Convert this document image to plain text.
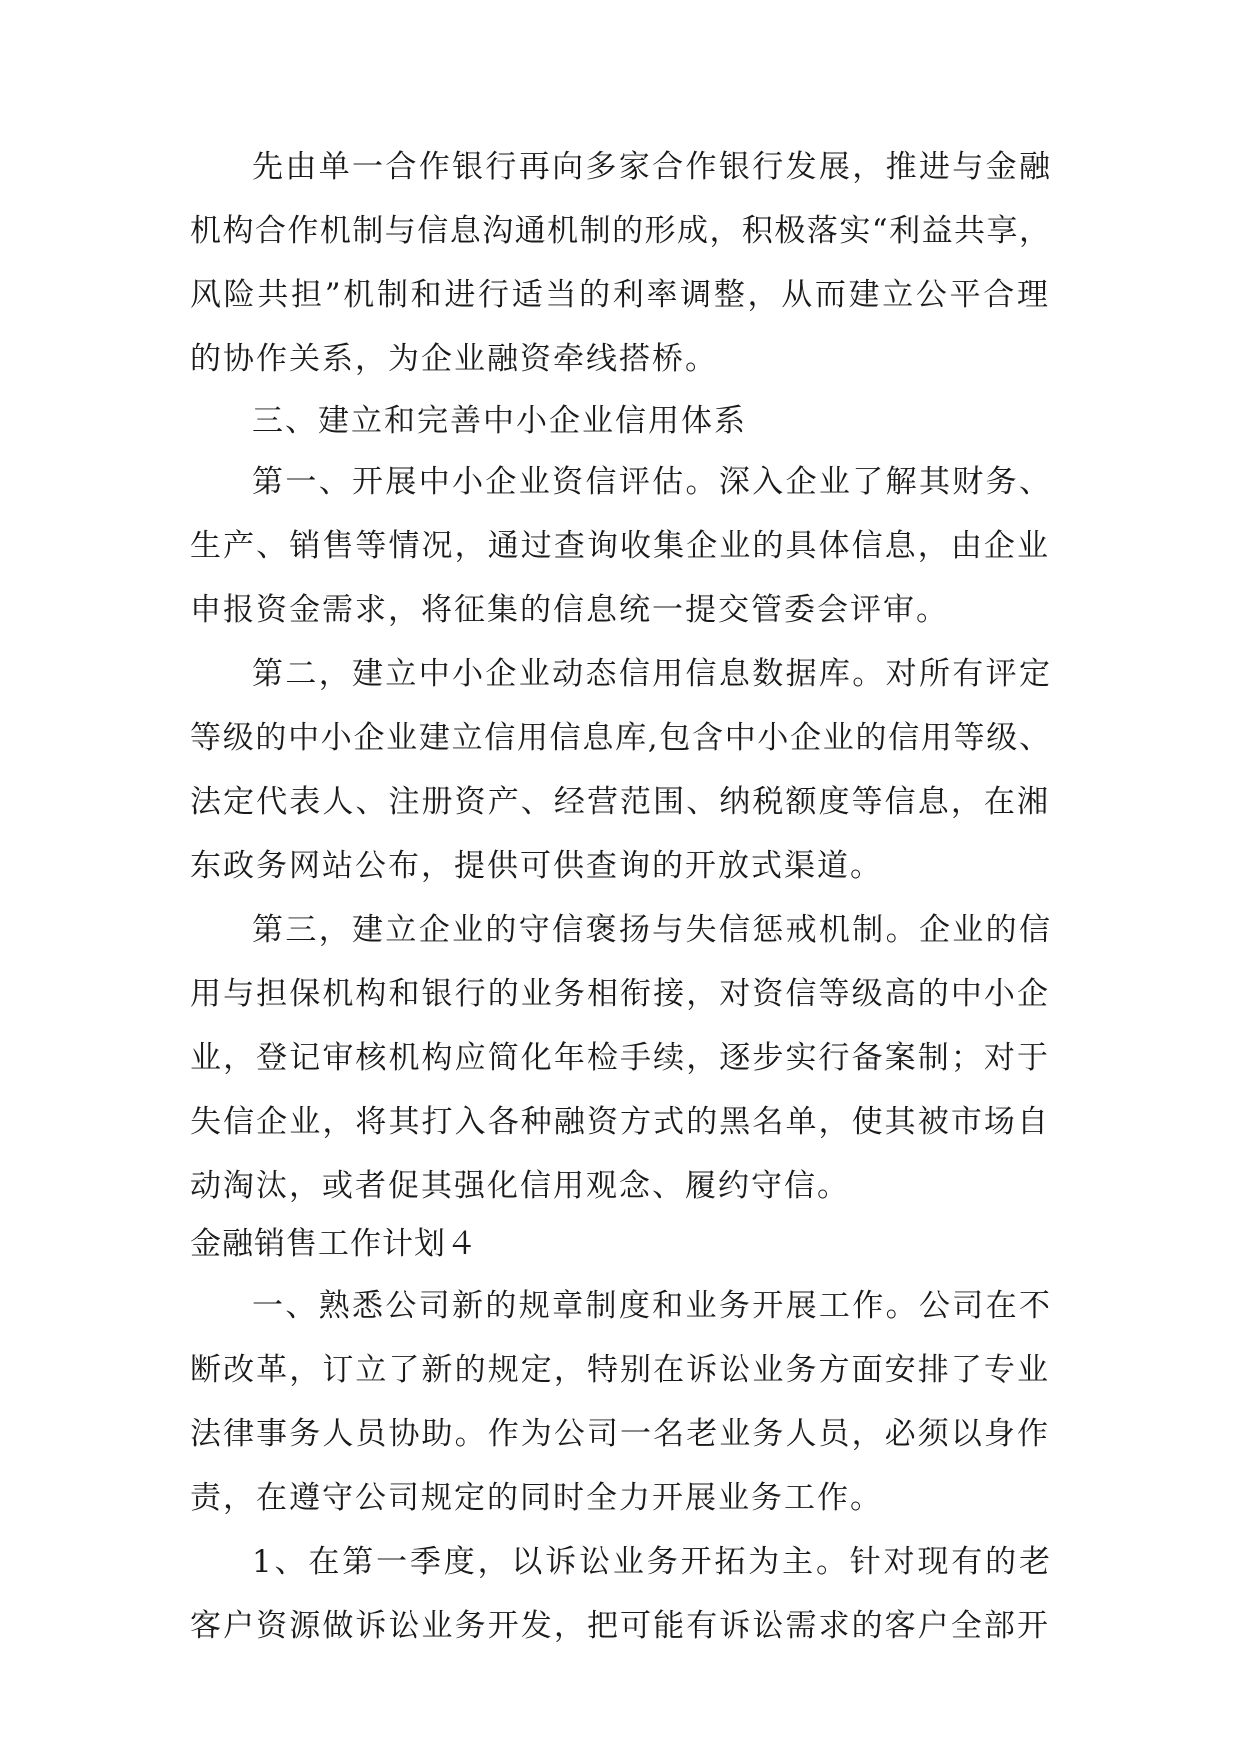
先由单一合作银行再向多家合作银行发展，推进与金融
机构合作机制与信息沟通机制的形成，积极落实“利益共享，
风险共担”机制和进行适当的利率调整，从而建立公平合理
的协作关系，为企业融资牵线搭桥。
三、建立和完善中小企业信用体系
第一、开展中小企业资信评估。深入企业了解其财务、
生产、销售等情况，通过查询收集企业的具体信息，由企业
申报资金需求，将征集的信息统一提交管委会评审。
第二，建立中小企业动态信用信息数据库。对所有评定
等级的中小企业建立信用信息库,包含中小企业的信用等级、
法定代表人、注册资产、经营范围、纳税额度等信息，在湘
东政务网站公布，提供可供查询的开放式渠道。
第三，建立企业的守信褒扬与失信惩戒机制。企业的信
用与担保机构和银行的业务相衔接，对资信等级高的中小企
业，登记审核机构应简化年检手续，逐步实行备案制；对于
失信企业，将其打入各种融资方式的黑名单，使其被市场自
动淘汰，或者促其强化信用观念、履约守信。
金融销售工作计划４
一、熟悉公司新的规章制度和业务开展工作。公司在不
断改革，订立了新的规定，特别在诉讼业务方面安排了专业
法律事务人员协助。作为公司一名老业务人员，必须以身作
责，在遵守公司规定的同时全力开展业务工作。
1、在第一季度，以诉讼业务开拓为主。针对现有的老
客户资源做诉讼业务开发，把可能有诉讼需求的客户全部开
